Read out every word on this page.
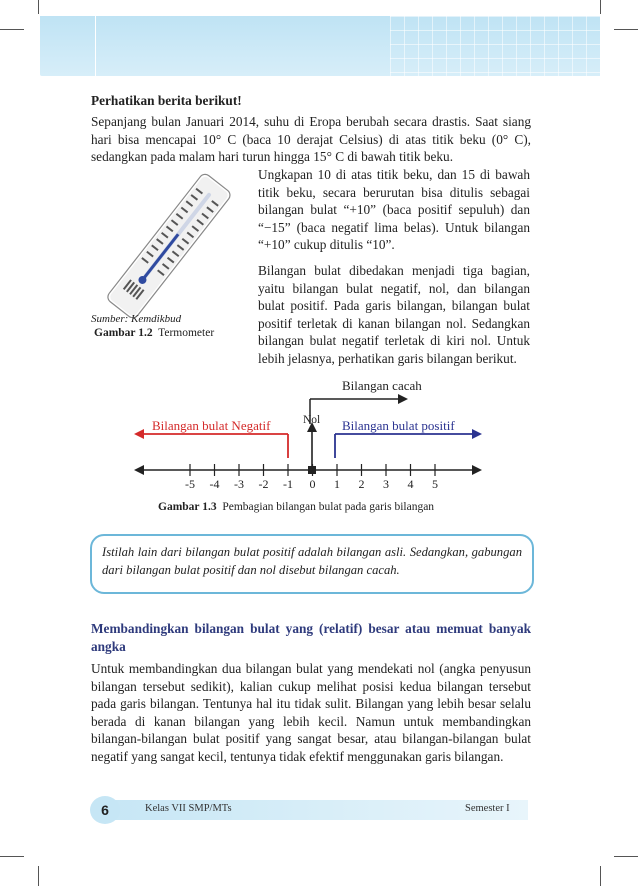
Perhatikan berita berikut!
Sepanjang bulan Januari 2014, suhu di Eropa berubah secara drastis. Saat siang hari bisa mencapai 10° C (baca 10 derajat Celsius) di atas titik beku (0° C), sedangkan pada malam hari turun hingga 15° C di bawah titik beku.
Sumber: Kemdikbud
Gambar 1.2 Termometer
Ungkapan 10 di atas titik beku, dan 15 di bawah titik beku, secara berurutan bisa ditulis sebagai bilangan bulat “+10” (baca positif sepuluh) dan “−15” (baca negatif lima belas). Untuk bilangan “+10” cukup ditulis “10”.
Bilangan bulat dibedakan menjadi tiga bagian, yaitu bilangan bulat negatif, nol, dan bilangan bulat positif. Pada garis bilangan, bilangan bulat positif terletak di kanan bilangan nol. Sedangkan bilangan bulat negatif terletak di kiri nol. Untuk lebih jelasnya, perhatikan garis bilangan berikut.
-5 -4 -3 -2 -1 0 1 2 3 4 5
Bilangan cacah
Nol
Bilangan bulat Negatif	Bilangan bulat positif
Gambar 1.3 Pembagian bilangan bulat pada garis bilangan
Istilah lain dari bilangan bulat positif adalah bilangan asli. Sedangkan, gabungan dari bilangan bulat positif dan nol disebut bilangan cacah.
Membandingkan bilangan bulat yang (relatif) besar atau memuat banyak angka
Untuk membandingkan dua bilangan bulat yang mendekati nol (angka penyusun bilangan tersebut sedikit), kalian cukup melihat posisi kedua bilangan tersebut pada garis bilangan. Tentunya hal itu tidak sulit. Bilangan yang lebih besar selalu berada di kanan bilangan yang lebih kecil. Namun untuk membandingkan bilangan-bilangan bulat positif yang sangat besar, atau bilangan-bilangan bulat negatif yang sangat kecil, tentunya tidak efektif menggunakan garis bilangan.
6	Kelas VII SMP/MTs	Semester I
